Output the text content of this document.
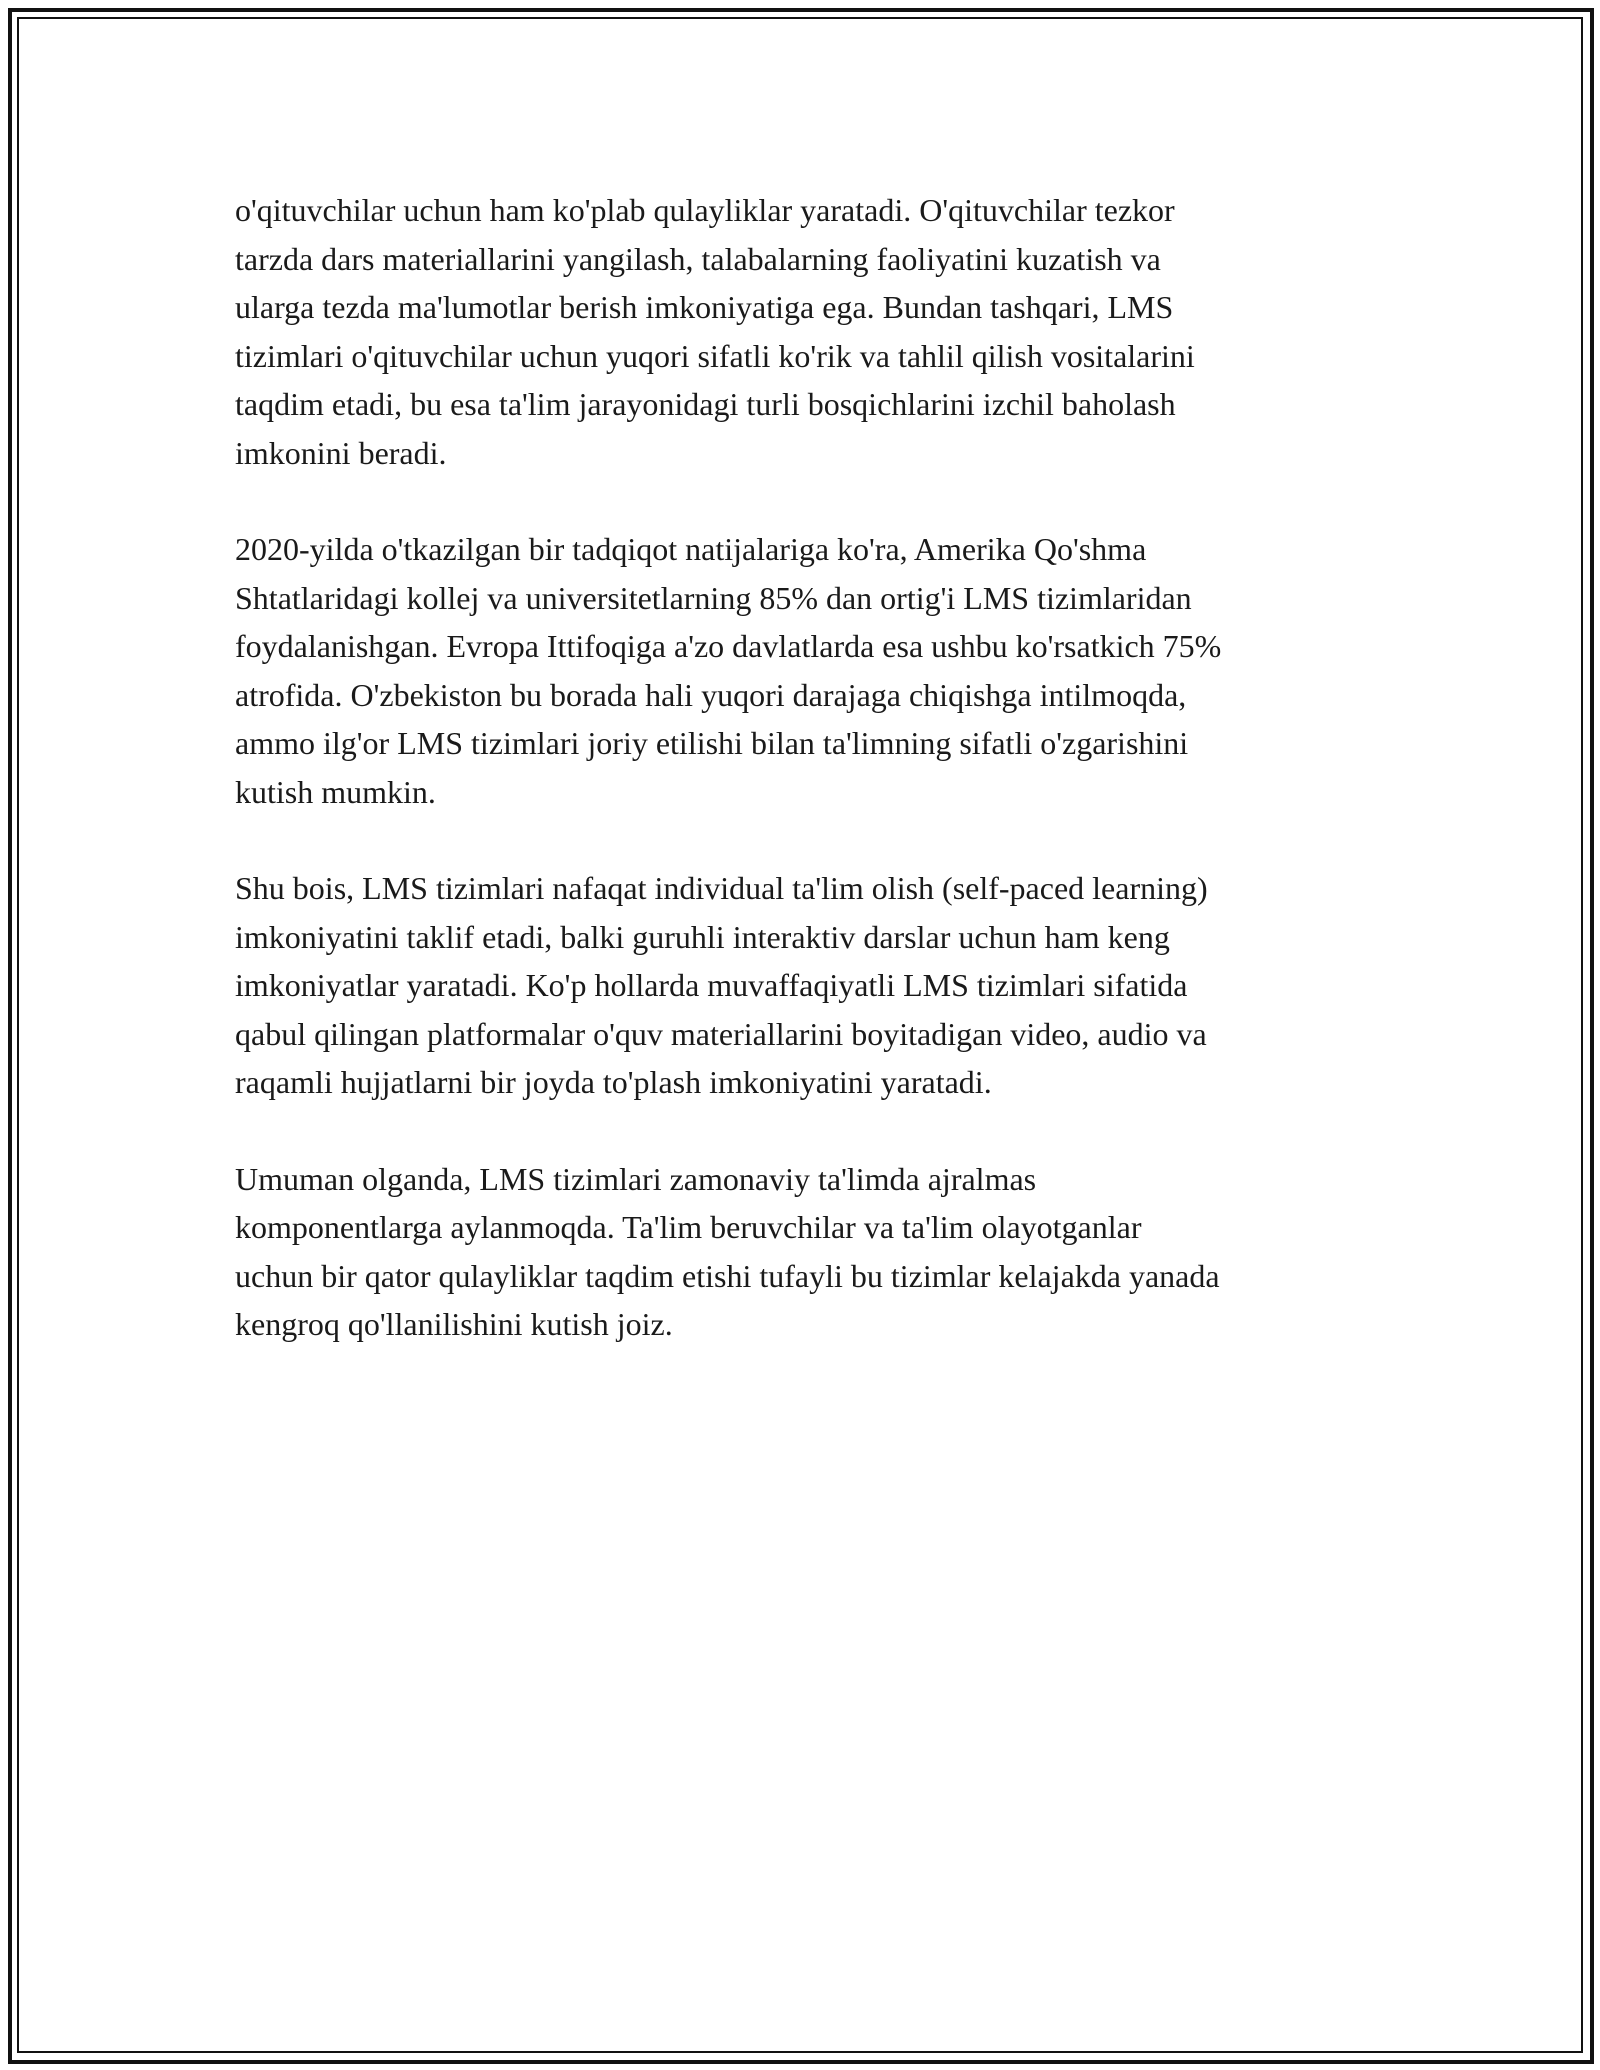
o'qituvchilar uchun ham ko'plab qulayliklar yaratadi. O'qituvchilar tezkor
tarzda dars materiallarini yangilash, talabalarning faoliyatini kuzatish va
ularga tezda ma'lumotlar berish imkoniyatiga ega. Bundan tashqari, LMS
tizimlari o'qituvchilar uchun yuqori sifatli ko'rik va tahlil qilish vositalarini
taqdim etadi, bu esa ta'lim jarayonidagi turli bosqichlarini izchil baholash
imkonini beradi.

2020-yilda o'tkazilgan bir tadqiqot natijalariga ko'ra, Amerika Qo'shma
Shtatlaridagi kollej va universitetlarning 85% dan ortig'i LMS tizimlaridan
foydalanishgan. Evropa Ittifoqiga a'zo davlatlarda esa ushbu ko'rsatkich 75%
atrofida. O'zbekiston bu borada hali yuqori darajaga chiqishga intilmoqda,
ammo ilg'or LMS tizimlari joriy etilishi bilan ta'limning sifatli o'zgarishini
kutish mumkin.

Shu bois, LMS tizimlari nafaqat individual ta'lim olish (self-paced learning)
imkoniyatini taklif etadi, balki guruhli interaktiv darslar uchun ham keng
imkoniyatlar yaratadi. Ko'p hollarda muvaffaqiyatli LMS tizimlari sifatida
qabul qilingan platformalar o'quv materiallarini boyitadigan video, audio va
raqamli hujjatlarni bir joyda to'plash imkoniyatini yaratadi.

Umuman olganda, LMS tizimlari zamonaviy ta'limda ajralmas
komponentlarga aylanmoqda. Ta'lim beruvchilar va ta'lim olayotganlar
uchun bir qator qulayliklar taqdim etishi tufayli bu tizimlar kelajakda yanada
kengroq qo'llanilishini kutish joiz.
